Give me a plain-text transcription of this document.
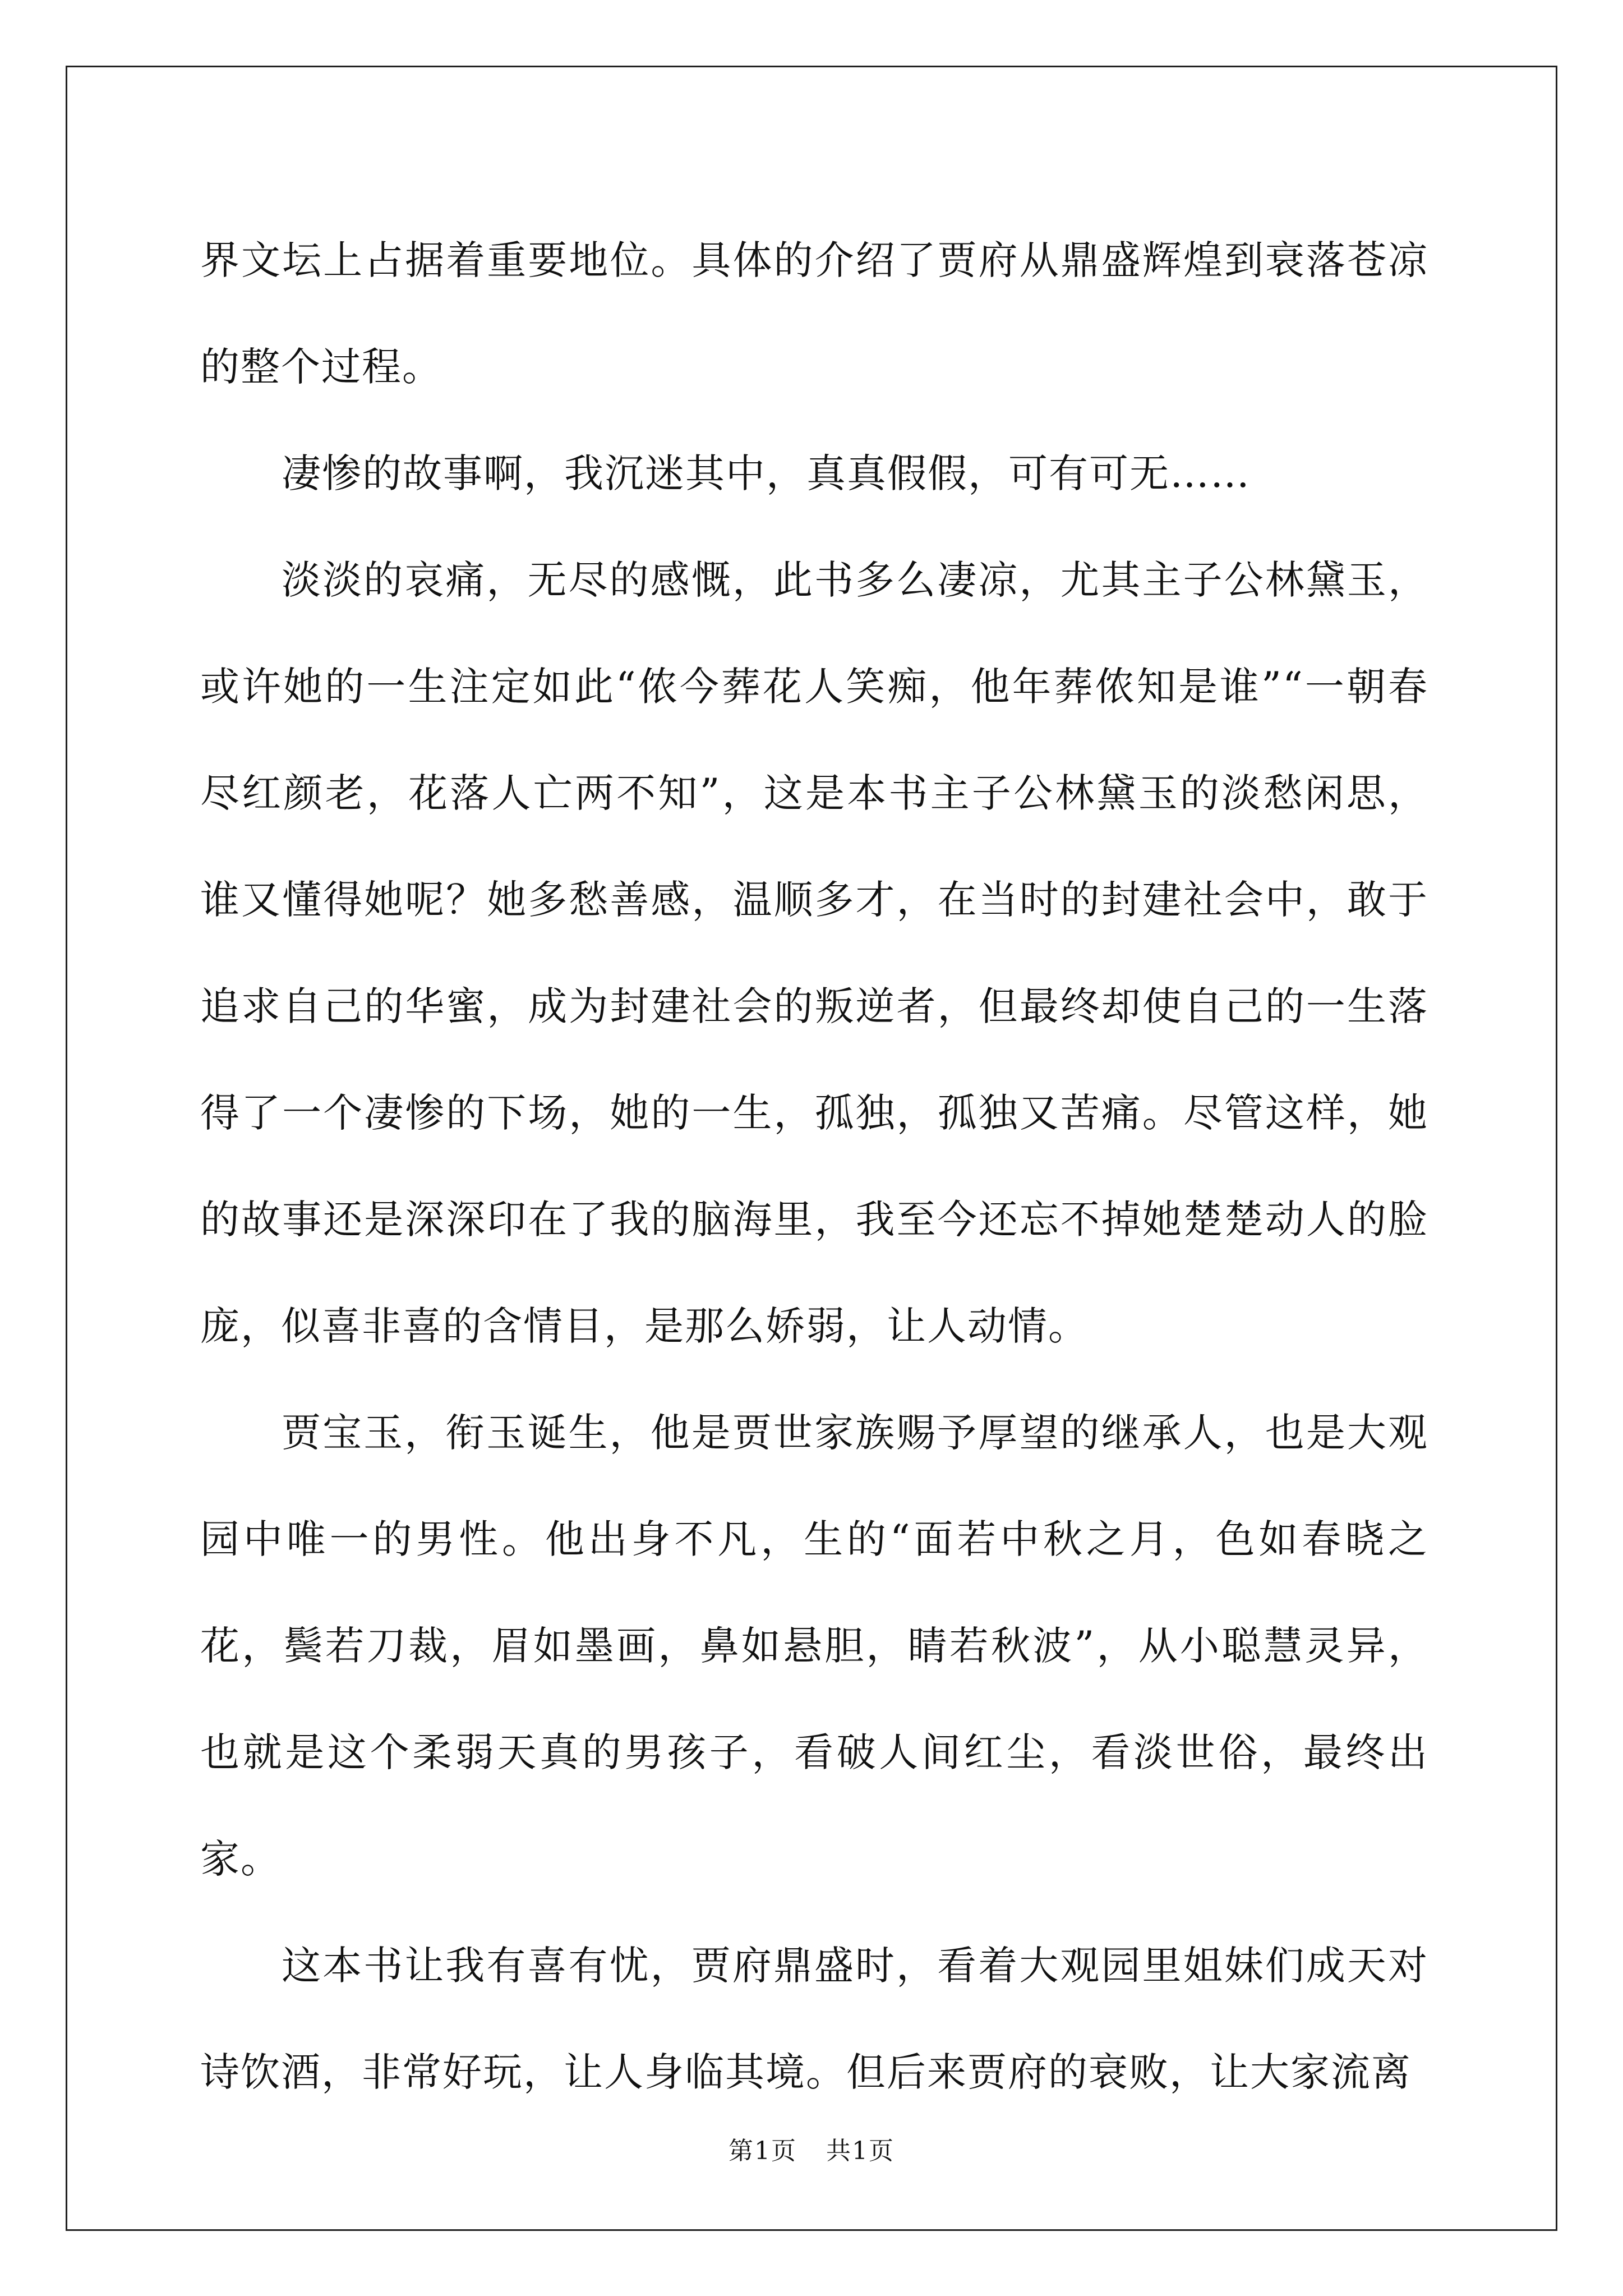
界文坛上占据着重要地位。具体的介绍了贾府从鼎盛辉煌到衰落苍凉的整个过程。

凄惨的故事啊，我沉迷其中，真真假假，可有可无……

淡淡的哀痛，无尽的感慨，此书多么凄凉，尤其主子公林黛玉，或许她的一生注定如此“侬今葬花人笑痴，他年葬侬知是谁”“一朝春尽红颜老，花落人亡两不知”，这是本书主子公林黛玉的淡愁闲思，谁又懂得她呢？她多愁善感，温顺多才，在当时的封建社会中，敢于追求自己的华蜜，成为封建社会的叛逆者，但最终却使自己的一生落得了一个凄惨的下场，她的一生，孤独，孤独又苦痛。尽管这样，她的故事还是深深印在了我的脑海里，我至今还忘不掉她楚楚动人的脸庞，似喜非喜的含情目，是那么娇弱，让人动情。

贾宝玉，衔玉诞生，他是贾世家族赐予厚望的继承人，也是大观园中唯一的男性。他出身不凡，生的“面若中秋之月，色如春晓之花，鬓若刀裁，眉如墨画，鼻如悬胆，睛若秋波”，从小聪慧灵异，也就是这个柔弱天真的男孩子，看破人间红尘，看淡世俗，最终出家。

这本书让我有喜有忧，贾府鼎盛时，看着大观园里姐妹们成天对诗饮酒，非常好玩，让人身临其境。但后来贾府的衰败，让大家流离

第1页 共1页
